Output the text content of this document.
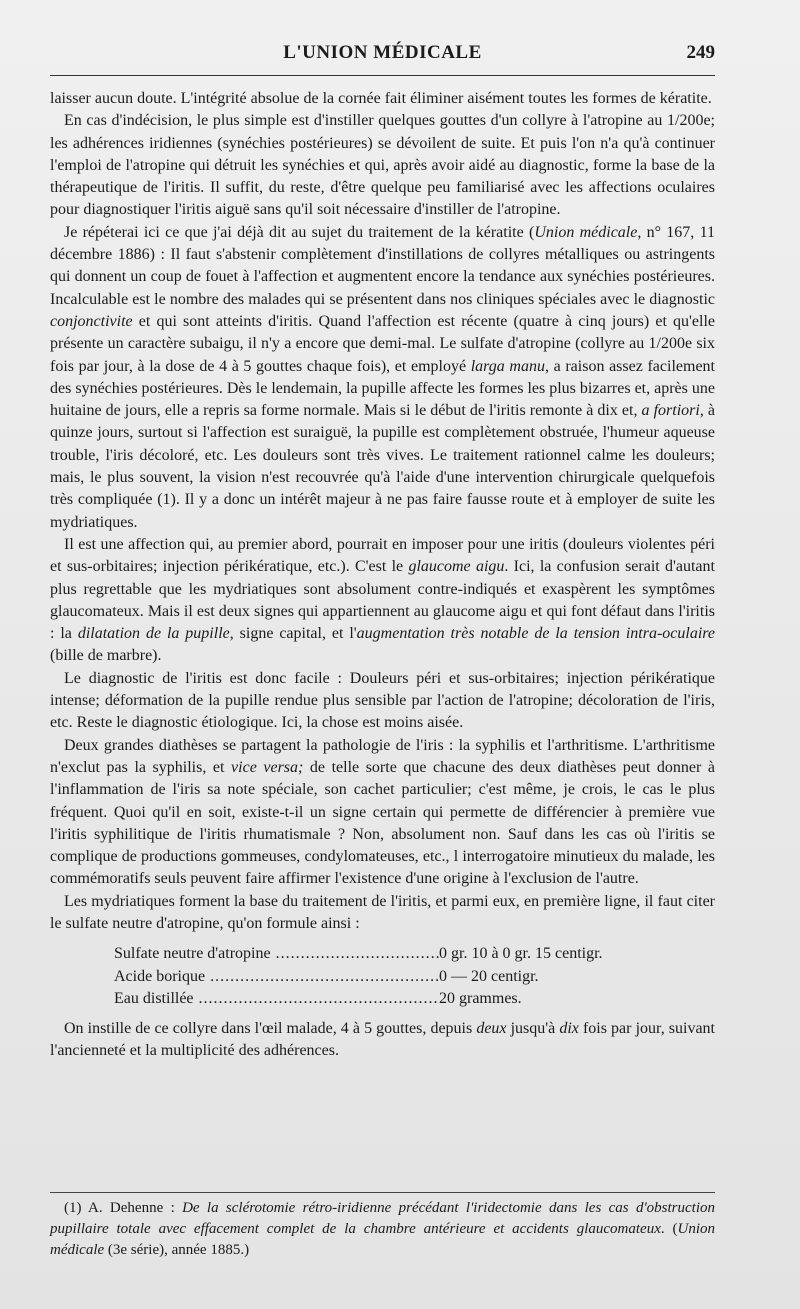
L'UNION MÉDICALE	249

laisser aucun doute. L'intégrité absolue de la cornée fait éliminer aisément toutes les formes de kératite.

En cas d'indécision, le plus simple est d'instiller quelques gouttes d'un collyre à l'atropine au 1/200e; les adhérences iridiennes (synéchies postérieures) se dévoilent de suite. Et puis l'on n'a qu'à continuer l'emploi de l'atropine qui détruit les synéchies et qui, après avoir aidé au diagnostic, forme la base de la thérapeutique de l'iritis. Il suffit, du reste, d'être quelque peu familiarisé avec les affections oculaires pour diagnostiquer l'iritis aiguë sans qu'il soit nécessaire d'instiller de l'atropine.

Je répéterai ici ce que j'ai déjà dit au sujet du traitement de la kératite (Union médicale, n° 167, 11 décembre 1886) : Il faut s'abstenir complètement d'instillations de collyres métalliques ou astringents qui donnent un coup de fouet à l'affection et augmentent encore la tendance aux synéchies postérieures. Incalculable est le nombre des malades qui se présentent dans nos cliniques spéciales avec le diagnostic conjonctivite et qui sont atteints d'iritis. Quand l'affection est récente (quatre à cinq jours) et qu'elle présente un caractère subaigu, il n'y a encore que demi-mal. Le sulfate d'atropine (collyre au 1/200e six fois par jour, à la dose de 4 à 5 gouttes chaque fois), et employé larga manu, a raison assez facilement des synéchies postérieures. Dès le lendemain, la pupille affecte les formes les plus bizarres et, après une huitaine de jours, elle a repris sa forme normale. Mais si le début de l'iritis remonte à dix et, a fortiori, à quinze jours, surtout si l'affection est suraiguë, la pupille est complètement obstruée, l'humeur aqueuse trouble, l'iris décoloré, etc. Les douleurs sont très vives. Le traitement rationnel calme les douleurs; mais, le plus souvent, la vision n'est recouvrée qu'à l'aide d'une intervention chirurgicale quelquefois très compliquée (1). Il y a donc un intérêt majeur à ne pas faire fausse route et à employer de suite les mydriatiques.

Il est une affection qui, au premier abord, pourrait en imposer pour une iritis (douleurs violentes péri et sus-orbitaires; injection périkératique, etc.). C'est le glaucome aigu. Ici, la confusion serait d'autant plus regrettable que les mydriatiques sont absolument contre-indiqués et exaspèrent les symptômes glaucomateux. Mais il est deux signes qui appartiennent au glaucome aigu et qui font défaut dans l'iritis : la dilatation de la pupille, signe capital, et l'augmentation très notable de la tension intra-oculaire (bille de marbre).

Le diagnostic de l'iritis est donc facile : Douleurs péri et sus-orbitaires; injection périkératique intense; déformation de la pupille rendue plus sensible par l'action de l'atropine; décoloration de l'iris, etc. Reste le diagnostic étiologique. Ici, la chose est moins aisée.

Deux grandes diathèses se partagent la pathologie de l'iris : la syphilis et l'arthritisme. L'arthritisme n'exclut pas la syphilis, et vice versa; de telle sorte que chacune des deux diathèses peut donner à l'inflammation de l'iris sa note spéciale, son cachet particulier; c'est même, je crois, le cas le plus fréquent. Quoi qu'il en soit, existe-t-il un signe certain qui permette de différencier à première vue l'iritis syphilitique de l'iritis rhumatismale ? Non, absolument non. Sauf dans les cas où l'iritis se complique de productions gommeuses, condylomateuses, etc., l interrogatoire minutieux du malade, les commémoratifs seuls peuvent faire affirmer l'existence d'une origine à l'exclusion de l'autre.

Les mydriatiques forment la base du traitement de l'iritis, et parmi eux, en première ligne, il faut citer le sulfate neutre d'atropine, qu'on formule ainsi :

Sulfate neutre d'atropine .....	0 gr. 10 à 0 gr. 15 centigr.
Acide borique .....	0 — 20 centigr.
Eau distillée .....	20 grammes.

On instille de ce collyre dans l'œil malade, 4 à 5 gouttes, depuis deux jusqu'à dix fois par jour, suivant l'ancienneté et la multiplicité des adhérences.

(1) A. Dehenne : De la sclérotomie rétro-iridienne précédant l'iridectomie dans les cas d'obstruction pupillaire totale avec effacement complet de la chambre antérieure et accidents glaucomateux. (Union médicale (3e série), année 1885.)
